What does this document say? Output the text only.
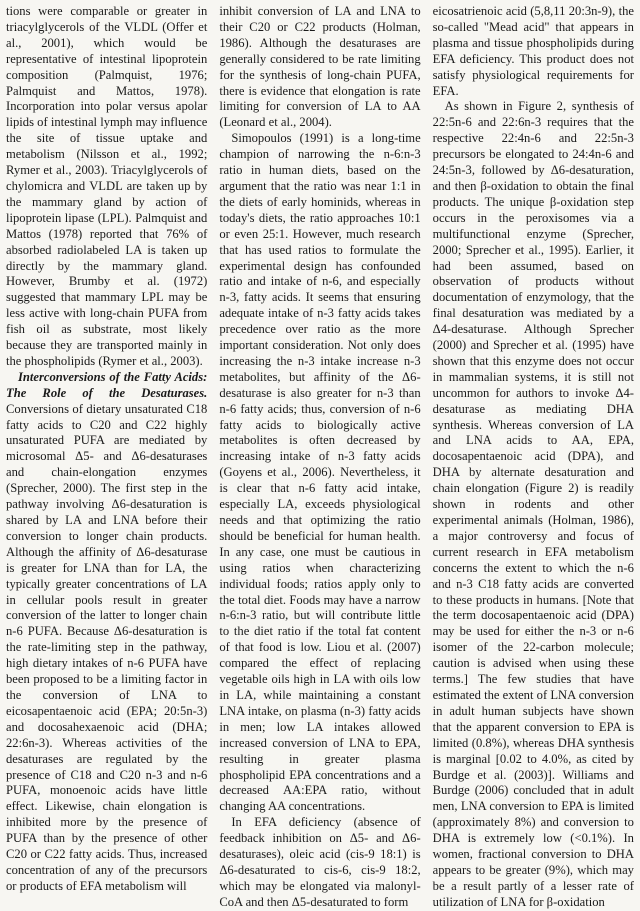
tions were comparable or greater in triacylglycerols of the VLDL (Offer et al., 2001), which would be representative of intestinal lipoprotein composition (Palmquist, 1976; Palmquist and Mattos, 1978). Incorporation into polar versus apolar lipids of intestinal lymph may influence the site of tissue uptake and metabolism (Nilsson et al., 1992; Rymer et al., 2003). Triacylglycerols of chylomicra and VLDL are taken up by the mammary gland by action of lipoprotein lipase (LPL). Palmquist and Mattos (1978) reported that 76% of absorbed radiolabeled LA is taken up directly by the mammary gland. However, Brumby et al. (1972) suggested that mammary LPL may be less active with long-chain PUFA from fish oil as substrate, most likely because they are transported mainly in the phospholipids (Rymer et al., 2003).

Interconversions of the Fatty Acids: The Role of the Desaturases. Conversions of dietary unsaturated C18 fatty acids to C20 and C22 highly unsaturated PUFA are mediated by microsomal Δ5- and Δ6-desaturases and chain-elongation enzymes (Sprecher, 2000). The first step in the pathway involving Δ6-desaturation is shared by LA and LNA before their conversion to longer chain products. Although the affinity of Δ6-desaturase is greater for LNA than for LA, the typically greater concentrations of LA in cellular pools result in greater conversion of the latter to longer chain n-6 PUFA. Because Δ6-desaturation is the rate-limiting step in the pathway, high dietary intakes of n-6 PUFA have been proposed to be a limiting factor in the conversion of LNA to eicosapentaenoic acid (EPA; 20:5n-3) and docosahexaenoic acid (DHA; 22:6n-3). Whereas activities of the desaturases are regulated by the presence of C18 and C20 n-3 and n-6 PUFA, monoenoic acids have little effect. Likewise, chain elongation is inhibited more by the presence of PUFA than by the presence of other C20 or C22 fatty acids. Thus, increased concentration of any of the precursors or products of EFA metabolism will

inhibit conversion of LA and LNA to their C20 or C22 products (Holman, 1986). Although the desaturases are generally considered to be rate limiting for the synthesis of long-chain PUFA, there is evidence that elongation is rate limiting for conversion of LA to AA (Leonard et al., 2004).

Simopoulos (1991) is a long-time champion of narrowing the n-6:n-3 ratio in human diets, based on the argument that the ratio was near 1:1 in the diets of early hominids, whereas in today's diets, the ratio approaches 10:1 or even 25:1. However, much research that has used ratios to formulate the experimental design has confounded ratio and intake of n-6, and especially n-3, fatty acids. It seems that ensuring adequate intake of n-3 fatty acids takes precedence over ratio as the more important consideration. Not only does increasing the n-3 intake increase n-3 metabolites, but affinity of the Δ6-desaturase is also greater for n-3 than n-6 fatty acids; thus, conversion of n-6 fatty acids to biologically active metabolites is often decreased by increasing intake of n-3 fatty acids (Goyens et al., 2006). Nevertheless, it is clear that n-6 fatty acid intake, especially LA, exceeds physiological needs and that optimizing the ratio should be beneficial for human health. In any case, one must be cautious in using ratios when characterizing individual foods; ratios apply only to the total diet. Foods may have a narrow n-6:n-3 ratio, but will contribute little to the diet ratio if the total fat content of that food is low. Liou et al. (2007) compared the effect of replacing vegetable oils high in LA with oils low in LA, while maintaining a constant LNA intake, on plasma (n-3) fatty acids in men; low LA intakes allowed increased conversion of LNA to EPA, resulting in greater plasma phospholipid EPA concentrations and a decreased AA:EPA ratio, without changing AA concentrations.

In EFA deficiency (absence of feedback inhibition on Δ5- and Δ6-desaturases), oleic acid (cis-9 18:1) is Δ6-desaturated to cis-6, cis-9 18:2, which may be elongated via malonyl-CoA and then Δ5-desaturated to form

eicosatrienoic acid (5,8,11 20:3n-9), the so-called "Mead acid" that appears in plasma and tissue phospholipids during EFA deficiency. This product does not satisfy physiological requirements for EFA.

As shown in Figure 2, synthesis of 22:5n-6 and 22:6n-3 requires that the respective 22:4n-6 and 22:5n-3 precursors be elongated to 24:4n-6 and 24:5n-3, followed by Δ6-desaturation, and then β-oxidation to obtain the final products. The unique β-oxidation step occurs in the peroxisomes via a multifunctional enzyme (Sprecher, 2000; Sprecher et al., 1995). Earlier, it had been assumed, based on observation of products without documentation of enzymology, that the final desaturation was mediated by a Δ4-desaturase. Although Sprecher (2000) and Sprecher et al. (1995) have shown that this enzyme does not occur in mammalian systems, it is still not uncommon for authors to invoke Δ4-desaturase as mediating DHA synthesis. Whereas conversion of LA and LNA acids to AA, EPA, docosapentaenoic acid (DPA), and DHA by alternate desaturation and chain elongation (Figure 2) is readily shown in rodents and other experimental animals (Holman, 1986), a major controversy and focus of current research in EFA metabolism concerns the extent to which the n-6 and n-3 C18 fatty acids are converted to these products in humans. [Note that the term docosapentaenoic acid (DPA) may be used for either the n-3 or n-6 isomer of the 22-carbon molecule; caution is advised when using these terms.] The few studies that have estimated the extent of LNA conversion in adult human subjects have shown that the apparent conversion to EPA is limited (0.8%), whereas DHA synthesis is marginal [0.02 to 4.0%, as cited by Burdge et al. (2003)]. Williams and Burdge (2006) concluded that in adult men, LNA conversion to EPA is limited (approximately 8%) and conversion to DHA is extremely low (<0.1%). In women, fractional conversion to DHA appears to be greater (9%), which may be a result partly of a lesser rate of utilization of LNA for β-oxidation
